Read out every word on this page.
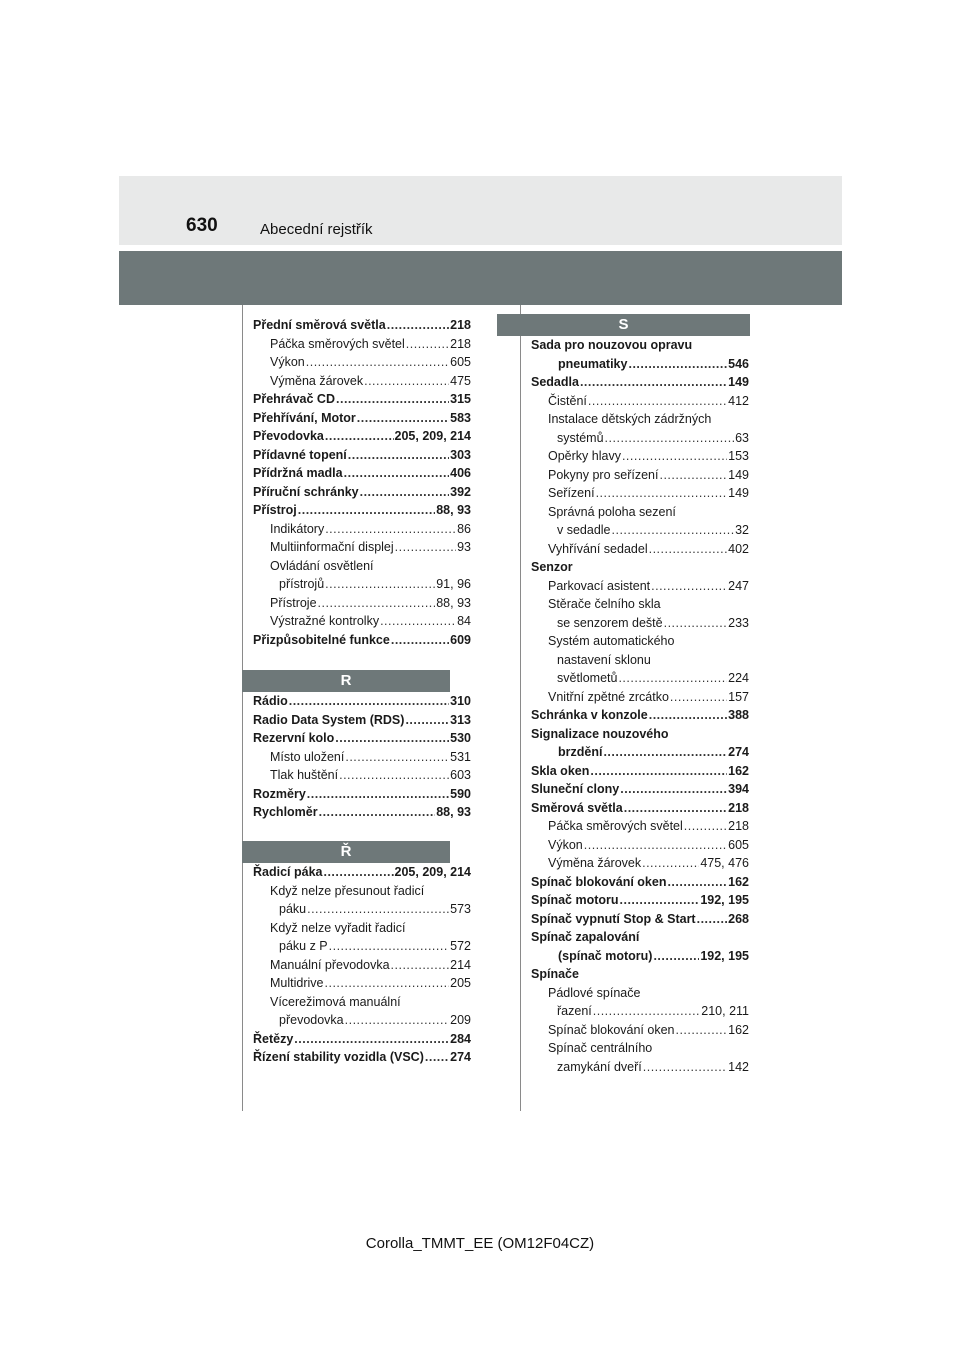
630	Abecední rejstřík
R
Ř
S
Přední směrová světla .....	218
Páčka směrových světel .....	218
Výkon .....	605
Výměna žárovek .....	475
Přehrávač CD .....	315
Přehřívání, Motor .....	583
Převodovka .....	205, 209, 214
Přídavné topení .....	303
Přídržná madla .....	406
Příruční schránky .....	392
Přístroj .....	88, 93
Indikátory .....	86
Multiinformační displej .....	93
Ovládání osvětlení
přístrojů .....	91, 96
Přístroje .....	88, 93
Výstražné kontrolky .....	84
Přizpůsobitelné funkce .....	609
Rádio .....	310
Radio Data System (RDS) .....	313
Rezervní kolo .....	530
Místo uložení .....	531
Tlak huštění .....	603
Rozměry .....	590
Rychloměr .....	88, 93
Řadicí páka .....	205, 209, 214
Když nelze přesunout řadicí
páku .....	573
Když nelze vyřadit řadicí
páku z P .....	572
Manuální převodovka .....	214
Multidrive .....	205
Vícerežimová manuální
převodovka .....	209
Řetězy .....	284
Řízení stability vozidla (VSC) ..... 274
Sada pro nouzovou opravu
pneumatiky .....	546
Sedadla .....	149
Čistění .....	412
Instalace dětských zádržných
systémů .....	63
Opěrky hlavy .....	153
Pokyny pro seřízení .....	149
Seřízení .....	149
Správná poloha sezení
v sedadle .....	32
Vyhřívání sedadel .....	402
Senzor
Parkovací asistent .....	247
Stěrače čelního skla
se senzorem deště .....	233
Systém automatického
nastavení sklonu
světlometů .....	224
Vnitřní zpětné zrcátko .....	157
Schránka v konzole .....	388
Signalizace nouzového
brzdění .....	274
Skla oken .....	162
Sluneční clony .....	394
Směrová světla .....	218
Páčka směrových světel .....	218
Výkon .....	605
Výměna žárovek .....	475, 476
Spínač blokování oken .....	162
Spínač motoru .....	192, 195
Spínač vypnutí Stop & Start .....	268
Spínač zapalování
(spínač motoru) .....	192, 195
Spínače
Pádlové spínače
řazení .....	210, 211
Spínač blokování oken .....	162
Spínač centrálního
zamykání dveří .....	142
Corolla_TMMT_EE (OM12F04CZ)
